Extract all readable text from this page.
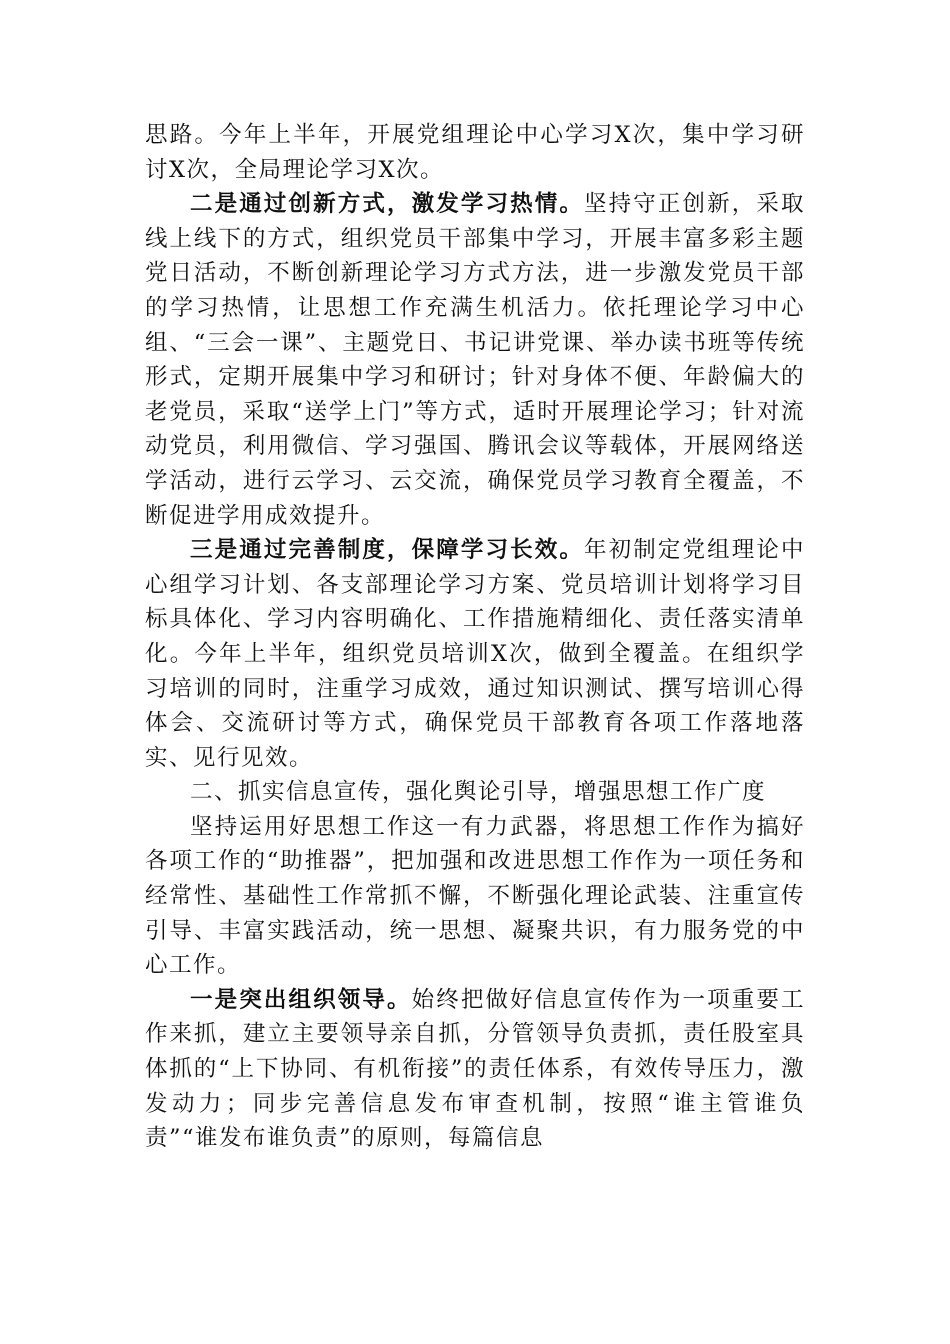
思路。今年上半年，开展党组理论中心学习X次，集中学习研讨X次，全局理论学习X次。

二是通过创新方式，激发学习热情。坚持守正创新，采取线上线下的方式，组织党员干部集中学习，开展丰富多彩主题党日活动，不断创新理论学习方式方法，进一步激发党员干部的学习热情，让思想工作充满生机活力。依托理论学习中心组、“三会一课”、主题党日、书记讲党课、举办读书班等传统形式，定期开展集中学习和研讨；针对身体不便、年龄偏大的老党员，采取“送学上门”等方式，适时开展理论学习；针对流动党员，利用微信、学习强国、腾讯会议等载体，开展网络送学活动，进行云学习、云交流，确保党员学习教育全覆盖，不断促进学用成效提升。

三是通过完善制度，保障学习长效。年初制定党组理论中心组学习计划、各支部理论学习方案、党员培训计划将学习目标具体化、学习内容明确化、工作措施精细化、责任落实清单化。今年上半年，组织党员培训X次，做到全覆盖。在组织学习培训的同时，注重学习成效，通过知识测试、撰写培训心得体会、交流研讨等方式，确保党员干部教育各项工作落地落实、见行见效。

二、抓实信息宣传，强化舆论引导，增强思想工作广度

坚持运用好思想工作这一有力武器，将思想工作作为搞好各项工作的“助推器”，把加强和改进思想工作作为一项任务和经常性、基础性工作常抓不懈，不断强化理论武装、注重宣传引导、丰富实践活动，统一思想、凝聚共识，有力服务党的中心工作。

一是突出组织领导。始终把做好信息宣传作为一项重要工作来抓，建立主要领导亲自抓，分管领导负责抓，责任股室具体抓的“上下协同、有机衔接”的责任体系，有效传导压力，激发动力；同步完善信息发布审查机制，按照“谁主管谁负责”“谁发布谁负责”的原则，每篇信息
